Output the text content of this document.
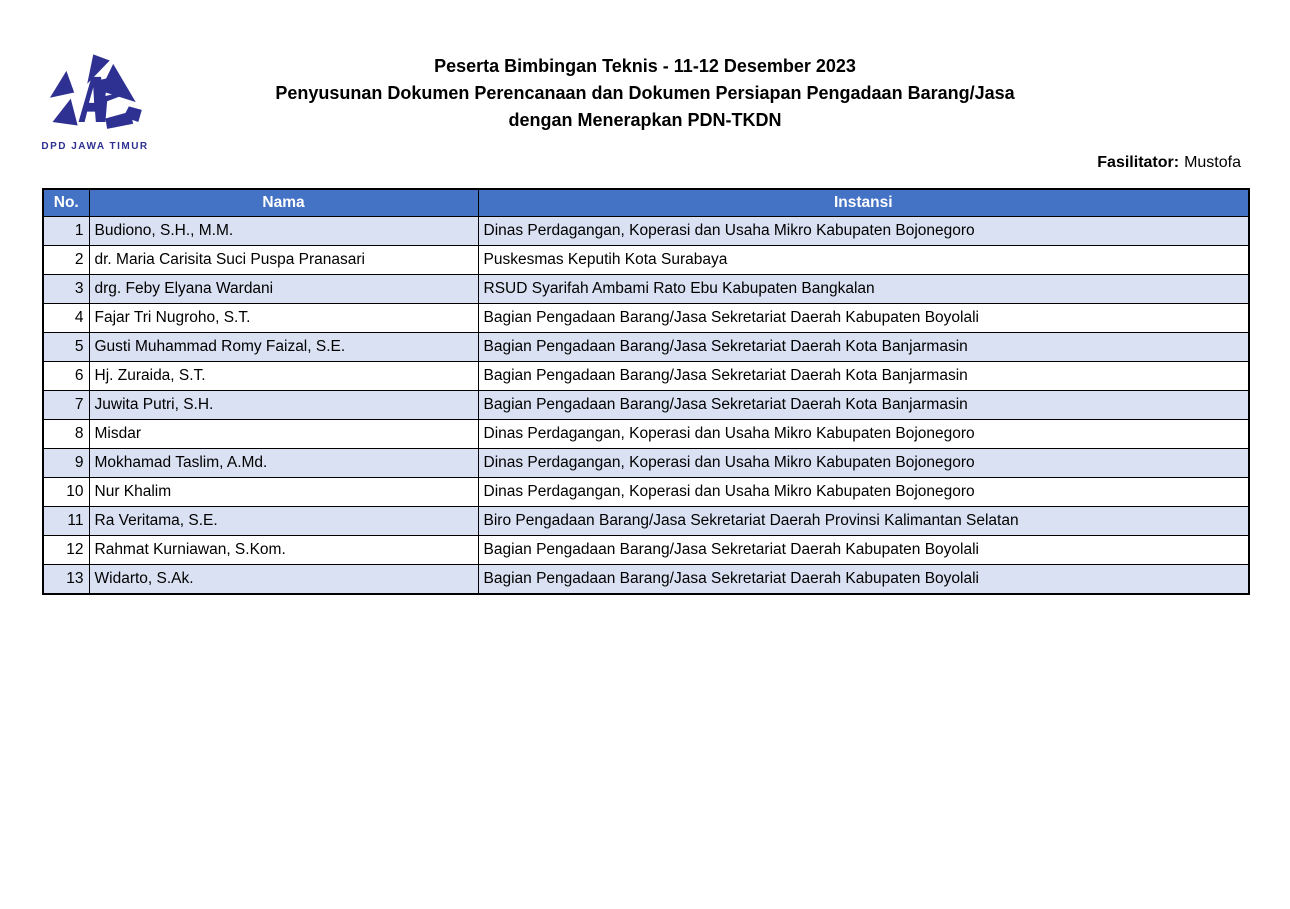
DPD JAWA TIMUR
Peserta Bimbingan Teknis - 11-12 Desember 2023
Penyusunan Dokumen Perencanaan dan Dokumen Persiapan Pengadaan Barang/Jasa
dengan Menerapkan PDN-TKDN
Fasilitator: Mustofa
No.	Nama	Instansi
1	Budiono, S.H., M.M.	Dinas Perdagangan, Koperasi dan Usaha Mikro Kabupaten Bojonegoro
2	dr. Maria Carisita Suci Puspa Pranasari	Puskesmas Keputih Kota Surabaya
3	drg. Feby Elyana Wardani	RSUD Syarifah Ambami Rato Ebu Kabupaten Bangkalan
4	Fajar Tri Nugroho, S.T.	Bagian Pengadaan Barang/Jasa Sekretariat Daerah Kabupaten Boyolali
5	Gusti Muhammad Romy Faizal, S.E.	Bagian Pengadaan Barang/Jasa Sekretariat Daerah Kota Banjarmasin
6	Hj. Zuraida, S.T.	Bagian Pengadaan Barang/Jasa Sekretariat Daerah Kota Banjarmasin
7	Juwita Putri, S.H.	Bagian Pengadaan Barang/Jasa Sekretariat Daerah Kota Banjarmasin
8	Misdar	Dinas Perdagangan, Koperasi dan Usaha Mikro Kabupaten Bojonegoro
9	Mokhamad Taslim, A.Md.	Dinas Perdagangan, Koperasi dan Usaha Mikro Kabupaten Bojonegoro
10	Nur Khalim	Dinas Perdagangan, Koperasi dan Usaha Mikro Kabupaten Bojonegoro
11	Ra Veritama, S.E.	Biro Pengadaan Barang/Jasa Sekretariat Daerah Provinsi Kalimantan Selatan
12	Rahmat Kurniawan, S.Kom.	Bagian Pengadaan Barang/Jasa Sekretariat Daerah Kabupaten Boyolali
13	Widarto, S.Ak.	Bagian Pengadaan Barang/Jasa Sekretariat Daerah Kabupaten Boyolali
